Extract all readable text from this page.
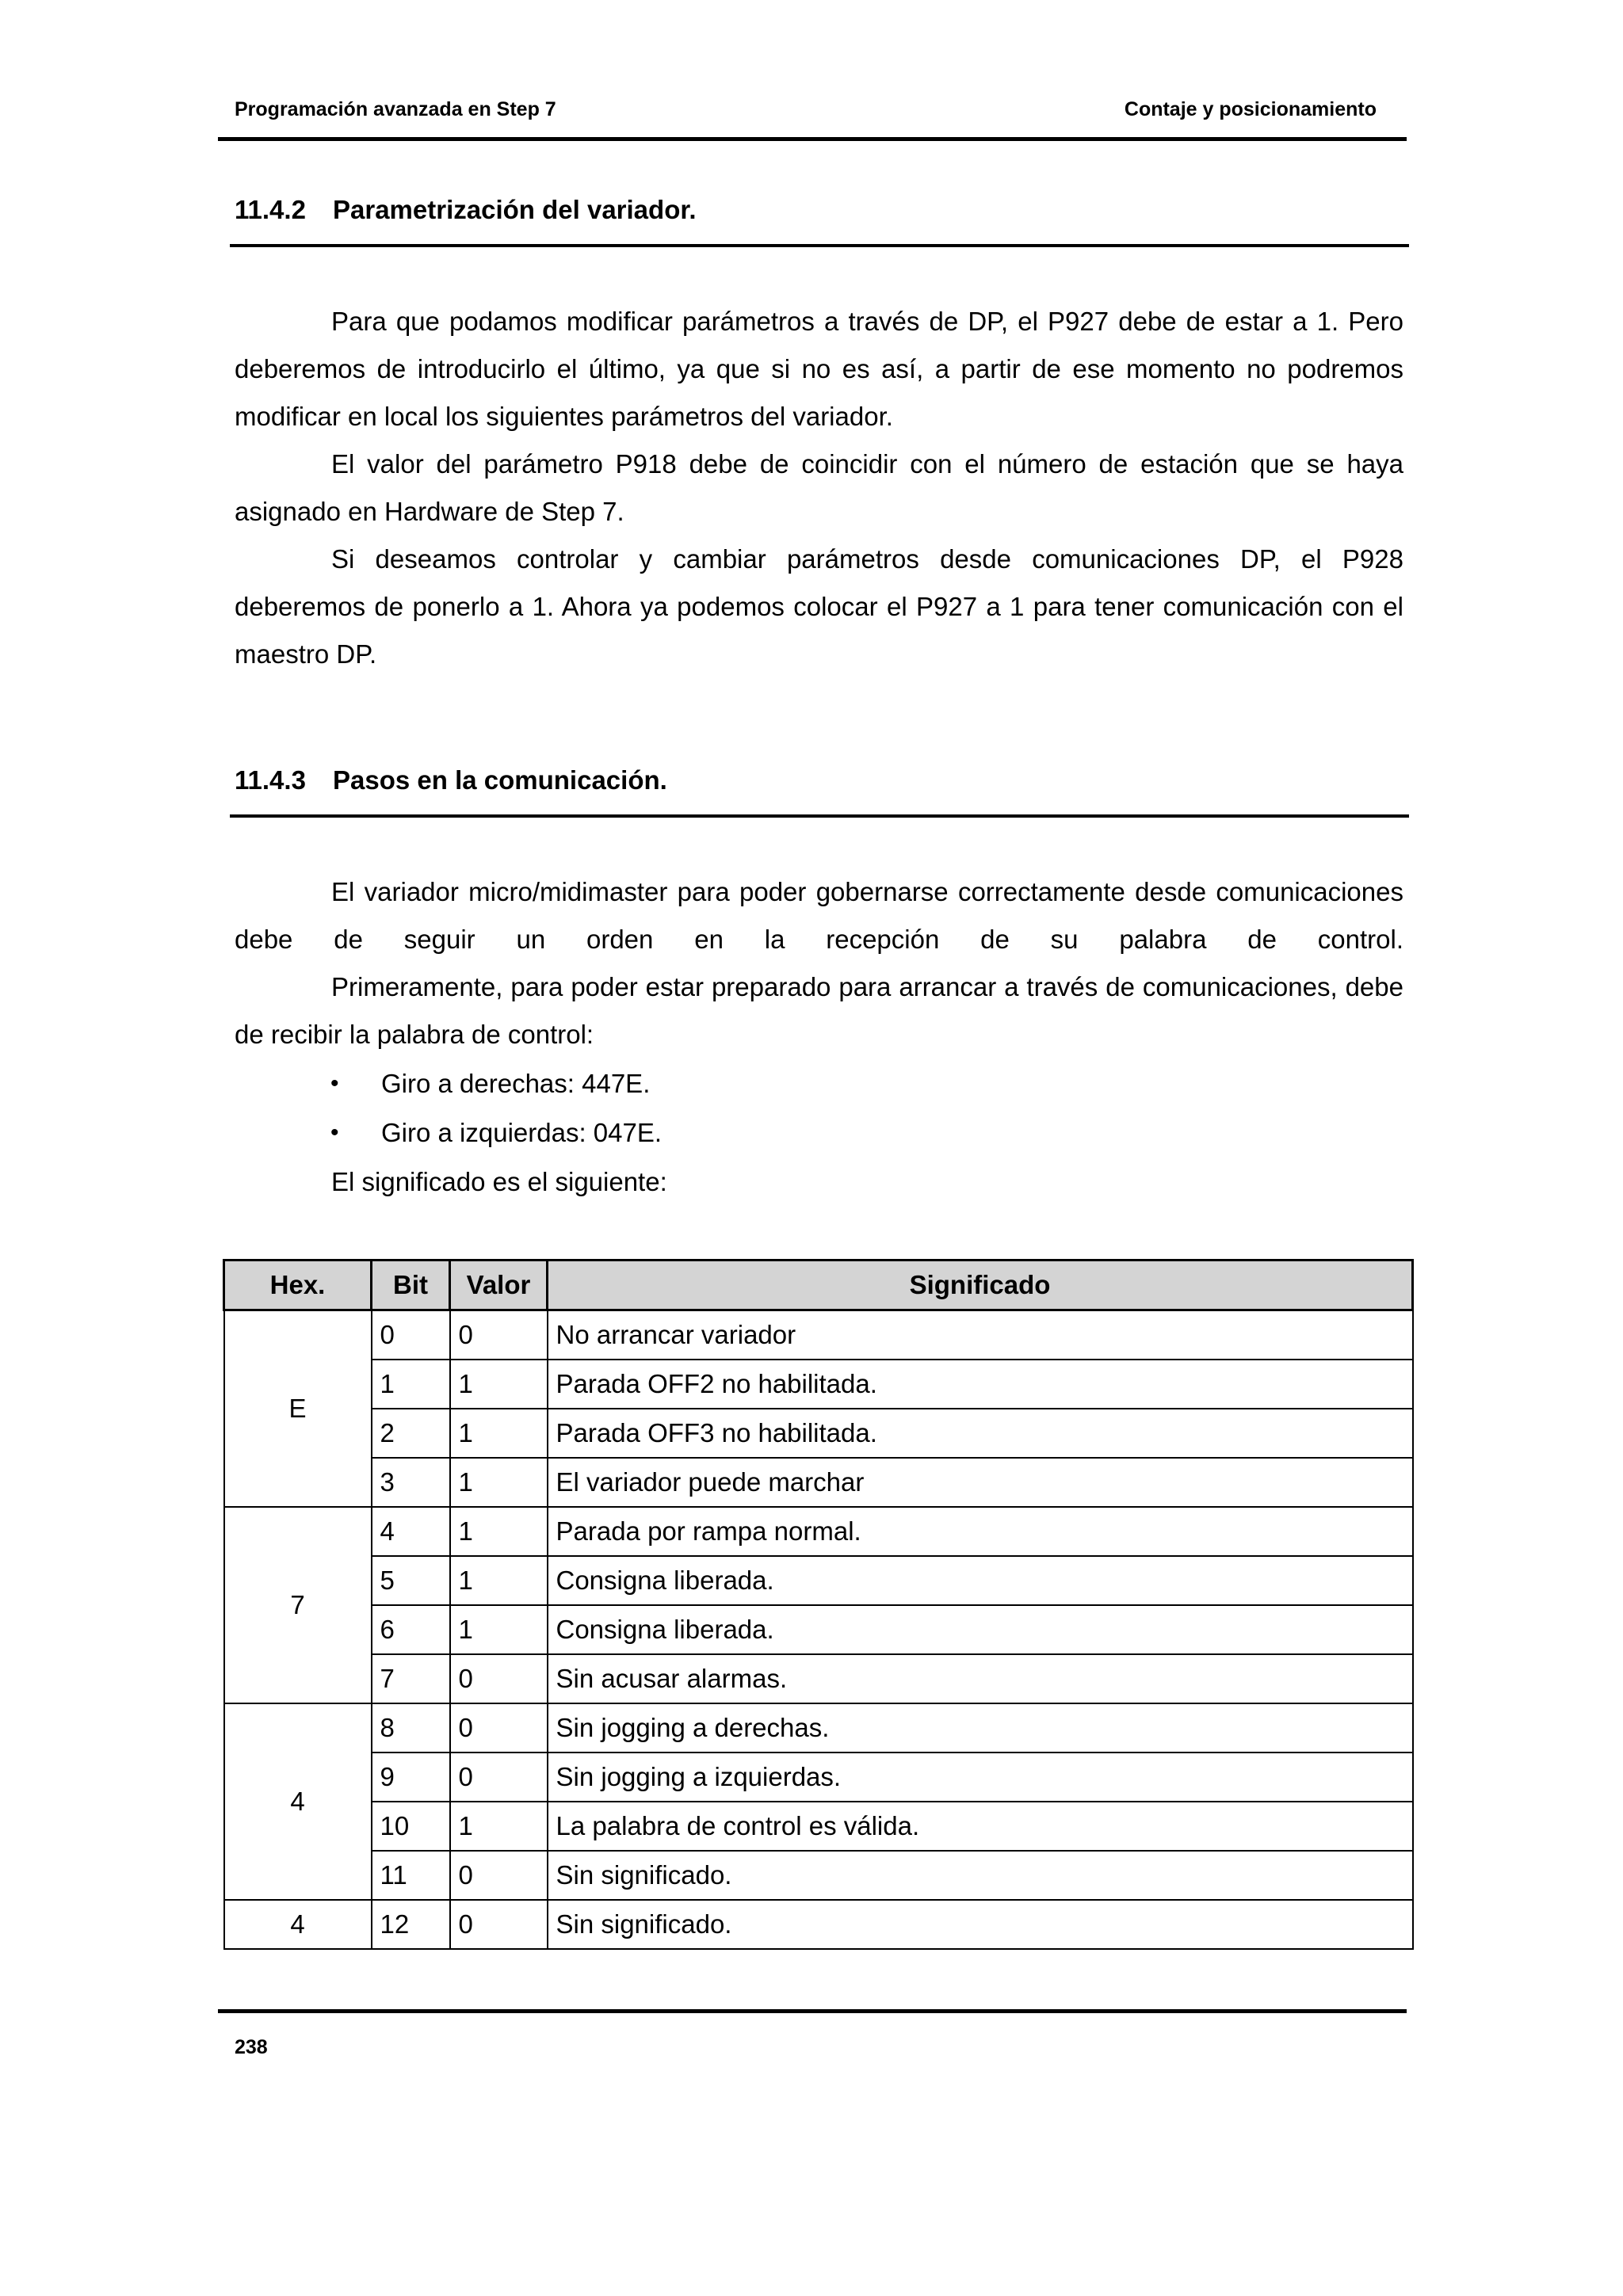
Programación avanzada en Step 7	Contaje y posicionamiento
11.4.2 Parametrización del variador.

Para que podamos modificar parámetros a través de DP, el P927 debe de estar a 1. Pero deberemos de introducirlo el último, ya que si no es así, a partir de ese momento no podremos modificar en local los siguientes parámetros del variador.

El valor del parámetro P918 debe de coincidir con el número de estación que se haya asignado en Hardware de Step 7.

Si deseamos controlar y cambiar parámetros desde comunicaciones DP, el P928 deberemos de ponerlo a 1. Ahora ya podemos colocar el P927 a 1 para tener comunicación con el maestro DP.

11.4.3 Pasos en la comunicación.

El variador micro/midimaster para poder gobernarse correctamente desde comunicaciones debe de seguir un orden en la recepción de su palabra de control.

Primeramente, para poder estar preparado para arrancar a través de comunicaciones, debe de recibir la palabra de control:

•	Giro a derechas: 447E.
•	Giro a izquierdas: 047E.
El significado es el siguiente:
Hex.	Bit	Valor	Significado
E	0	0	No arrancar variador
	1	1	Parada OFF2 no habilitada.
	2	1	Parada OFF3 no habilitada.
	3	1	El variador puede marchar
7	4	1	Parada por rampa normal.
	5	1	Consigna liberada.
	6	1	Consigna liberada.
	7	0	Sin acusar alarmas.
4	8	0	Sin jogging a derechas.
	9	0	Sin jogging a izquierdas.
	10	1	La palabra de control es válida.
	11	0	Sin significado.
4	12	0	Sin significado.
238
